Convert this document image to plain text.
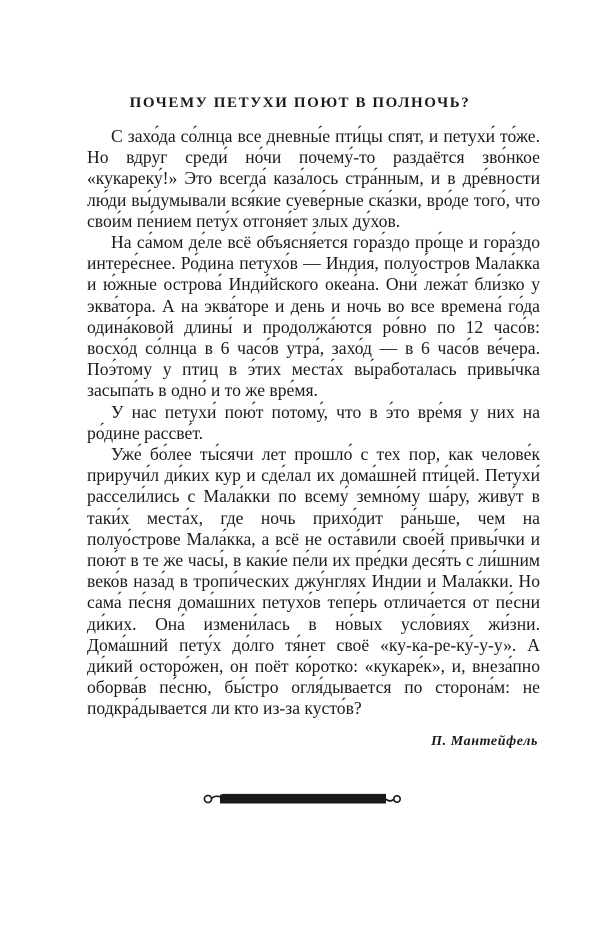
ПОЧЕМУ ПЕТУХИ ПОЮТ В ПОЛНОЧЬ?

С захо́да со́лнца все дневны́е пти́цы спят, и петухи́ то́же. Но вдруг среди́ но́чи почему́-то раздаётся зво́нкое «кукареку́!» Это всегда́ каза́лось стра́нным, и в дре́вности лю́ди вы́думывали вся́кие суеве́рные ска́зки, вро́де того́, что свои́м пе́нием пету́х отгоня́ет злых ду́хов.

На са́мом де́ле всё объясня́ется гора́здо про́ще и гора́здо интере́снее. Ро́дина петухо́в — Индия, полуо́стров Мала́кка и ю́жные острова́ Инди́йского океа́на. Они́ лежа́т бли́зко у эква́тора. А на эква́торе и день и ночь во все времена́ го́да одина́ковой длины́ и продолжа́ются ро́вно по 12 часо́в: восхо́д со́лнца в 6 часо́в утра́, захо́д — в 6 часо́в ве́чера. Поэ́тому у птиц в э́тих места́х вы́работалась привы́чка засыпа́ть в одно́ и то же вре́мя.

У нас петухи́ пою́т потому́, что в э́то вре́мя у них на ро́дине рассве́т.

Уже́ бо́лее ты́сячи лет прошло́ с тех пор, как челове́к приручи́л ди́ких кур и сде́лал их дома́шней пти́цей. Петухи́ рассели́лись с Мала́кки по всему́ земно́му ша́ру, живу́т в таки́х места́х, где ночь прихо́дит ра́ньше, чем на полуо́строве Мала́кка, а всё не оста́вили свое́й привы́чки и пою́т в те же часы́, в каки́е пе́ли их пре́дки деся́ть с ли́шним веко́в наза́д в тропи́ческих джу́нглях Индии и Мала́кки. Но сама́ пе́сня дома́шних петухо́в тепе́рь отлича́ется от пе́сни ди́ких. Она́ измени́лась в но́вых усло́виях жи́зни. Дома́шний пету́х до́лго тя́нет своё «ку-ка-ре-ку́-у-у». А ди́кий осторо́жен, он поёт ко́ротко: «кукаре́к», и, внеза́пно оборва́в пе́сню, бы́стро огля́дывается по сторона́м: не подкра́дывается ли кто из-за кусто́в?

П. Мантейфель
